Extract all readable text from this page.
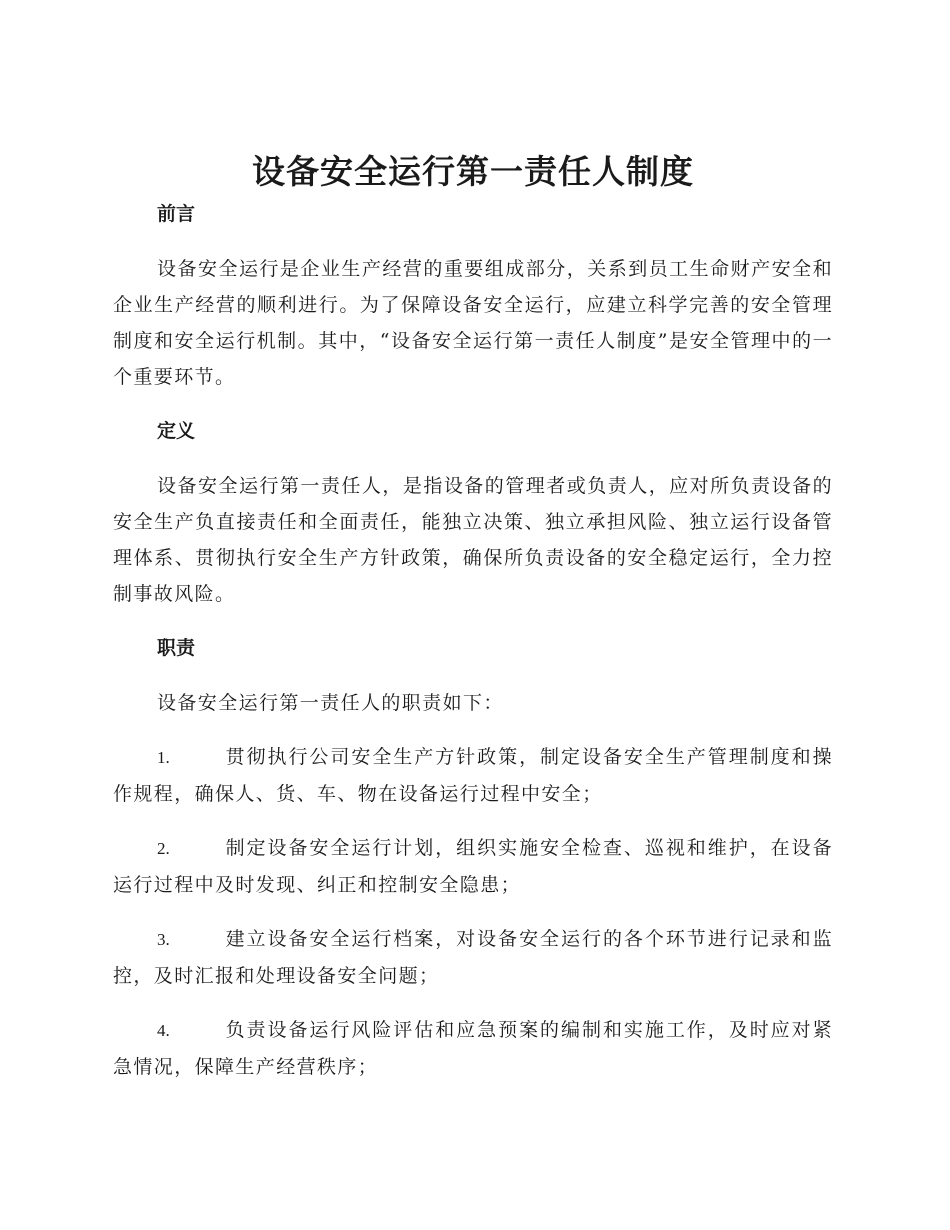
设备安全运行第一责任人制度
前言

设备安全运行是企业生产经营的重要组成部分，关系到员工生命财产安全和企业生产经营的顺利进行。为了保障设备安全运行，应建立科学完善的安全管理制度和安全运行机制。其中，“设备安全运行第一责任人制度”是安全管理中的一个重要环节。

定义

设备安全运行第一责任人，是指设备的管理者或负责人，应对所负责设备的安全生产负直接责任和全面责任，能独立决策、独立承担风险、独立运行设备管理体系、贯彻执行安全生产方针政策，确保所负责设备的安全稳定运行，全力控制事故风险。

职责

设备安全运行第一责任人的职责如下：

1.	贯彻执行公司安全生产方针政策，制定设备安全生产管理制度和操作规程，确保人、货、车、物在设备运行过程中安全；

2.	制定设备安全运行计划，组织实施安全检查、巡视和维护，在设备运行过程中及时发现、纠正和控制安全隐患；

3.	建立设备安全运行档案，对设备安全运行的各个环节进行记录和监控，及时汇报和处理设备安全问题；

4.	负责设备运行风险评估和应急预案的编制和实施工作，及时应对紧急情况，保障生产经营秩序；
